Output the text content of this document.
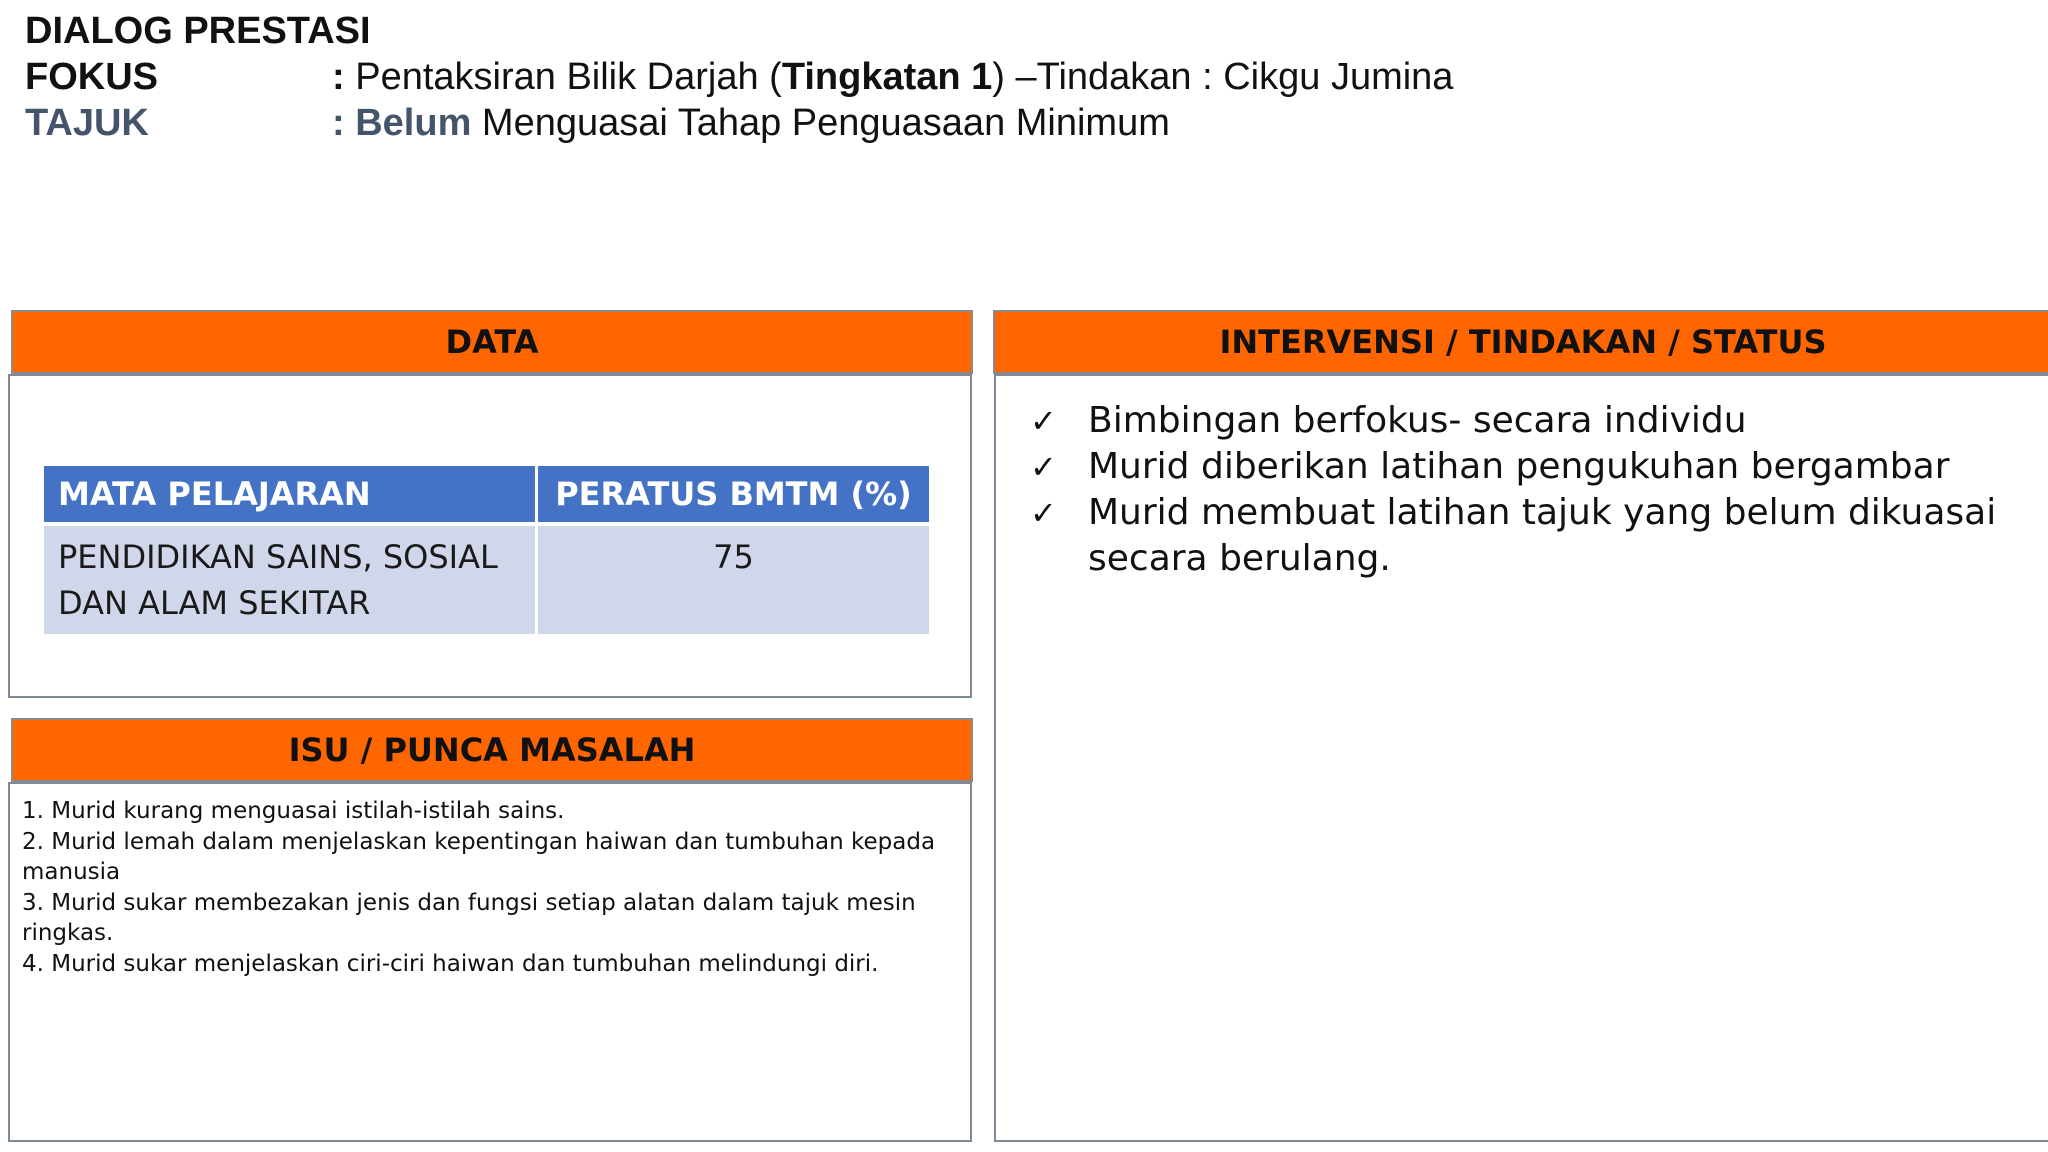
DIALOG PRESTASI
FOKUS	: Pentaksiran Bilik Darjah (Tingkatan 1) –Tindakan : Cikgu Jumina
TAJUK	: Belum Menguasai Tahap Penguasaan Minimum
DATA
MATA PELAJARAN	PERATUS BMTM (%)

PENDIDIKAN SAINS, SOSIAL
DAN ALAM SEKITAR	75
INTERVENSI / TINDAKAN / STATUS
✓ Bimbingan berfokus- secara individu
✓ Murid diberikan latihan pengukuhan bergambar
✓ Murid membuat latihan tajuk yang belum dikuasai secara berulang.
ISU / PUNCA MASALAH
1. Murid kurang menguasai istilah-istilah sains.
2. Murid lemah dalam menjelaskan kepentingan haiwan dan tumbuhan kepada manusia
3. Murid sukar membezakan jenis dan fungsi setiap alatan dalam tajuk mesin ringkas.
4. Murid sukar menjelaskan ciri-ciri haiwan dan tumbuhan melindungi diri.
